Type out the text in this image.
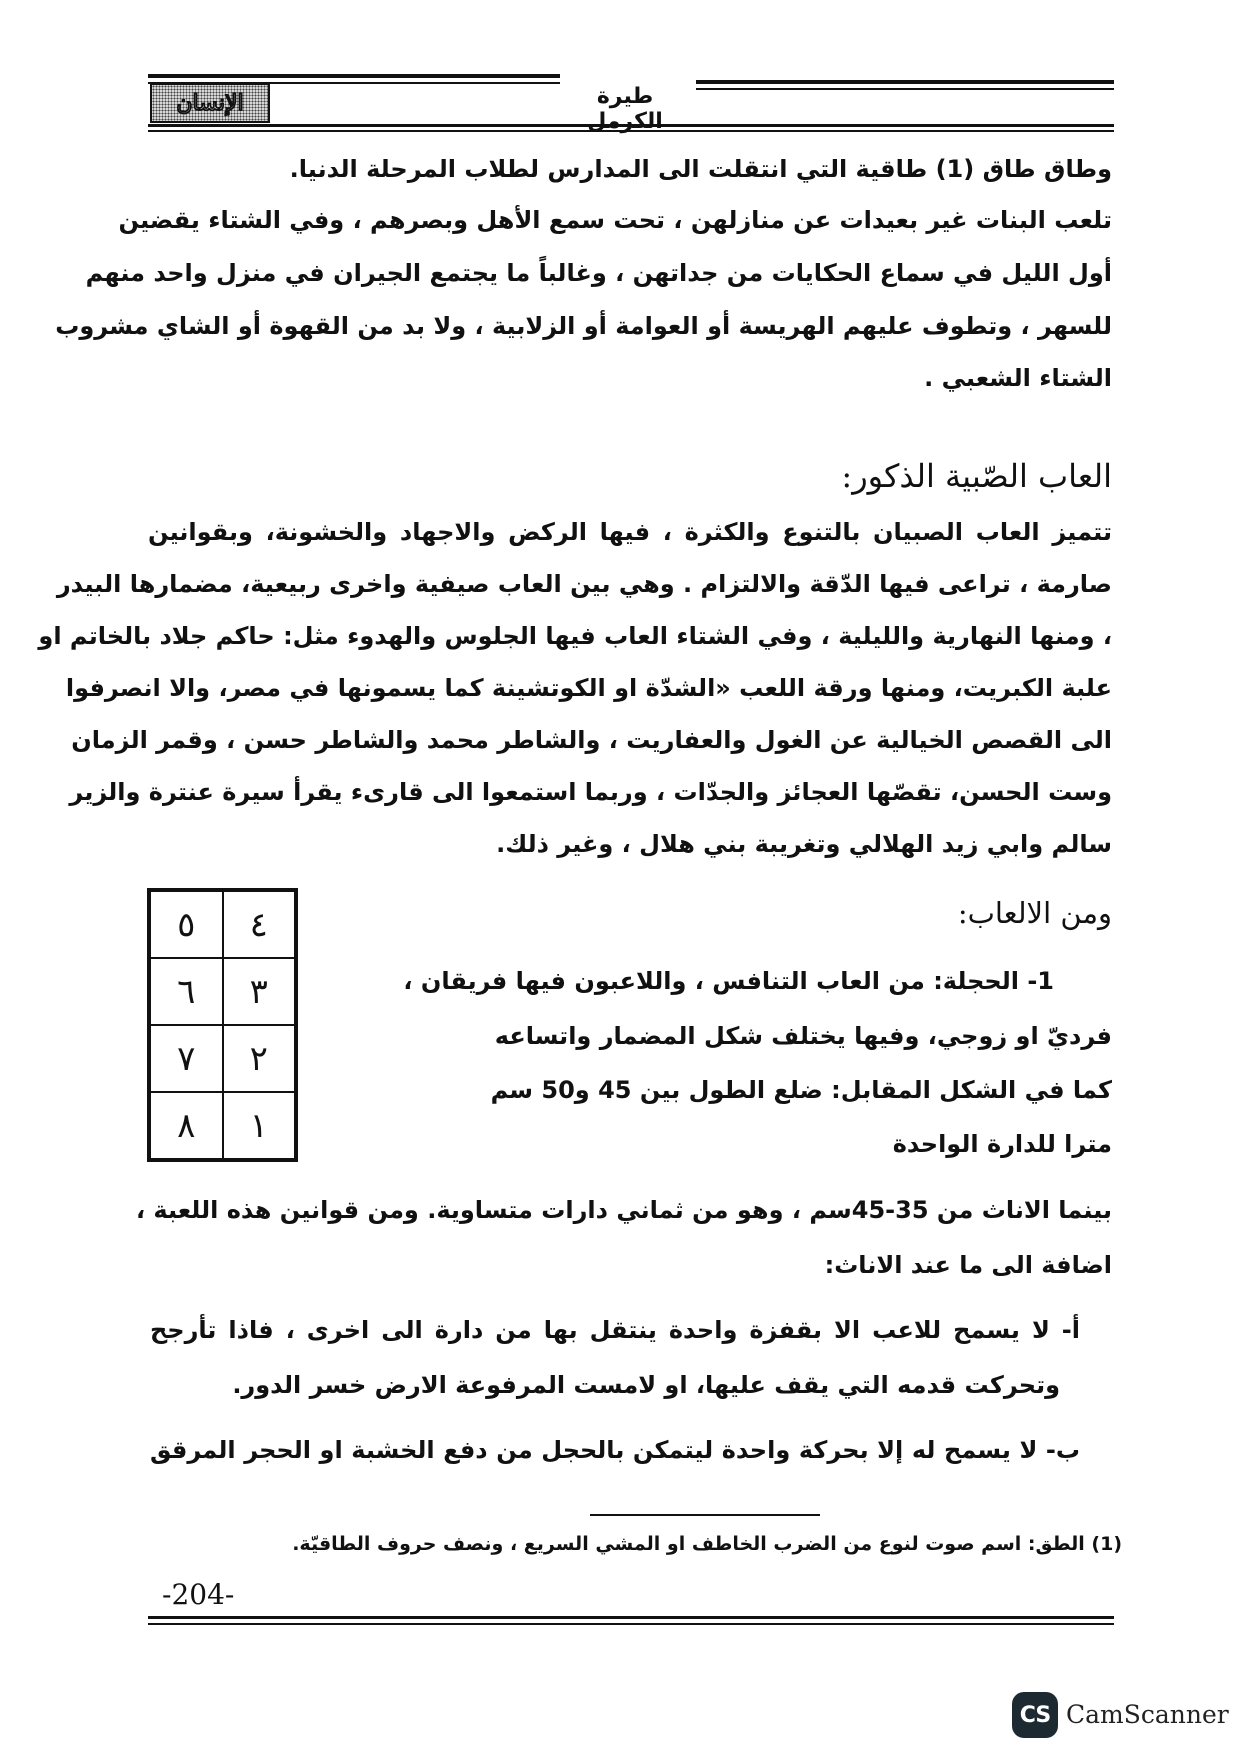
الإنسان	طيرة الكرمل
وطاق طاق (1) طاقية التي انتقلت الى المدارس لطلاب المرحلة الدنيا.
تلعب البنات غير بعيدات عن منازلهن ، تحت سمع الأهل وبصرهم ، وفي الشتاء يقضين
أول الليل في سماع الحكايات من جداتهن ، وغالباً ما يجتمع الجيران في منزل واحد منهم
للسهر ، وتطوف عليهم الهريسة أو العوامة أو الزلابية ، ولا بد من القهوة أو الشاي مشروب
الشتاء الشعبي .
العاب الصّبية الذكور:
تتميز العاب الصبيان بالتنوع والكثرة ، فيها الركض والاجهاد والخشونة، وبقوانين
صارمة ، تراعى فيها الدّقة والالتزام . وهي بين العاب صيفية واخرى ربيعية، مضمارها البيدر
، ومنها النهارية والليلية ، وفي الشتاء العاب فيها الجلوس والهدوء مثل: حاكم جلاد بالخاتم او
علبة الكبريت، ومنها ورقة اللعب «الشدّة او الكوتشينة كما يسمونها في مصر، والا انصرفوا
الى القصص الخيالية عن الغول والعفاريت ، والشاطر محمد والشاطر حسن ، وقمر الزمان
وست الحسن، تقصّها العجائز والجدّات ، وربما استمعوا الى قارىء يقرأ سيرة عنترة والزير
سالم وابي زيد الهلالي وتغريبة بني هلال ، وغير ذلك.
ومن الالعاب:
٥	٤
٦	٣
٧	٢
٨	١
1- الحجلة: من العاب التنافس ، واللاعبون فيها فريقان ،
فرديّ او زوجي، وفيها يختلف شكل المضمار واتساعه
كما في الشكل المقابل: ضلع الطول بين 45 و50 سم
مترا للدارة الواحدة
بينما الاناث من 35-45سم ، وهو من ثماني دارات متساوية. ومن قوانين هذه اللعبة ،
اضافة الى ما عند الاناث:
أ- لا يسمح للاعب الا بقفزة واحدة ينتقل بها من دارة الى اخرى ، فاذا تأرجح
وتحركت قدمه التي يقف عليها، او لامست المرفوعة الارض خسر الدور.
ب- لا يسمح له إلا بحركة واحدة ليتمكن بالحجل من دفع الخشبة او الحجر المرقق
(1) الطق: اسم صوت لنوع من الضرب الخاطف او المشي السريع ، ونصف حروف الطاقيّة.
-204-
CS CamScanner
